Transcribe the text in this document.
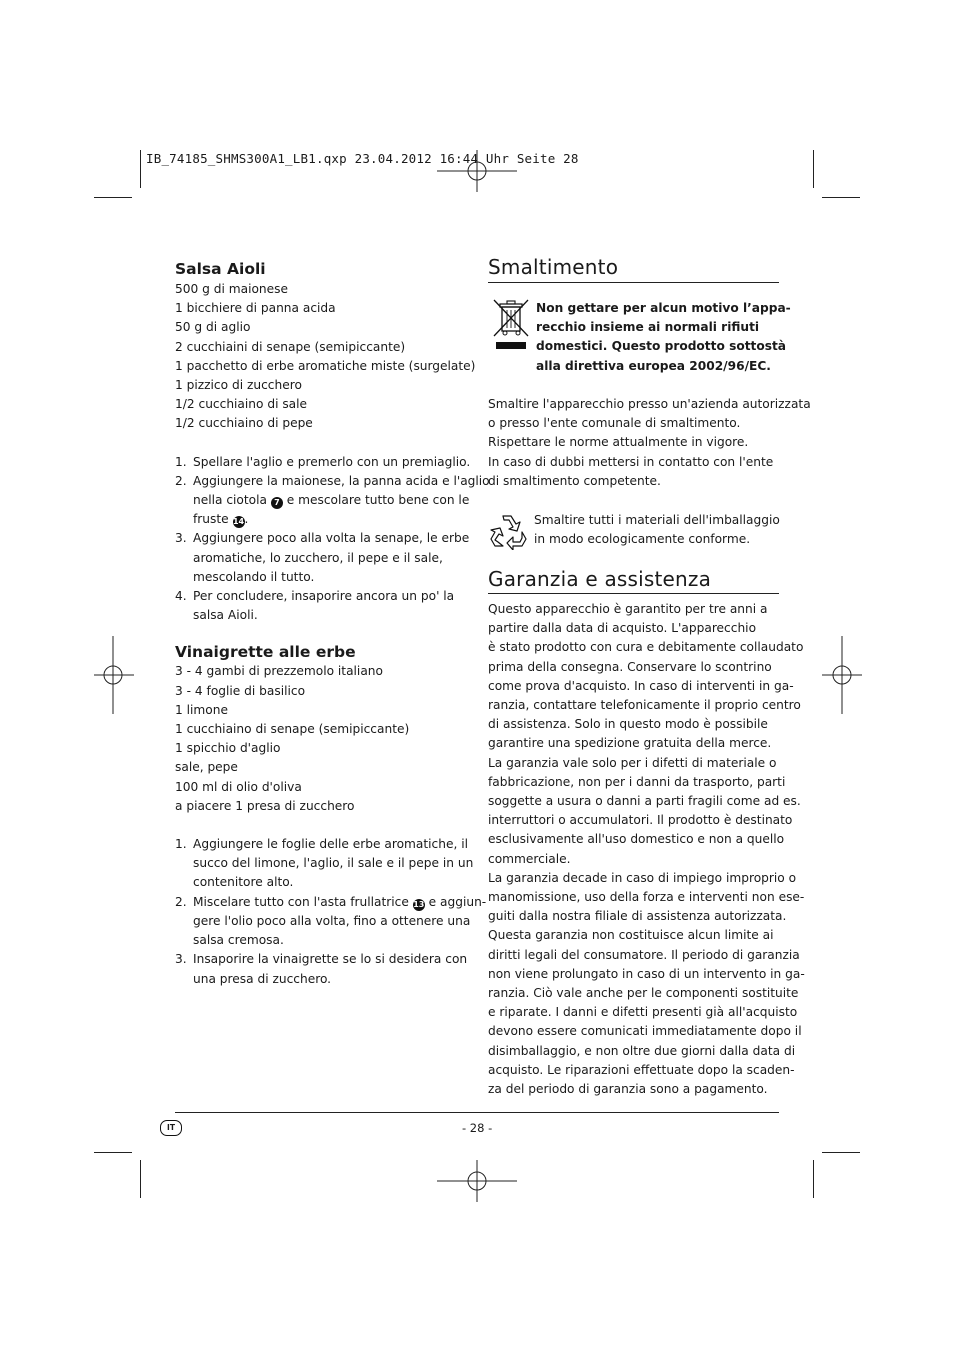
IB_74185_SHMS300A1_LB1.qxp 23.04.2012 16:44 Uhr Seite 28
Salsa Aioli
500 g di maionese
1 bicchiere di panna acida
50 g di aglio
2 cucchiaini di senape (semipiccante)
1 pacchetto di erbe aromatiche miste (surgelate)
1 pizzico di zucchero
1/2 cucchiaino di sale
1/2 cucchiaino di pepe
1. Spellare l'aglio e premerlo con un premiaglio.
2. Aggiungere la maionese, la panna acida e l'aglio
nella ciotola 7 e mescolare tutto bene con le
fruste 14.
3. Aggiungere poco alla volta la senape, le erbe
aromatiche, lo zucchero, il pepe e il sale,
mescolando il tutto.
4. Per concludere, insaporire ancora un po' la
salsa Aioli.
Vinaigrette alle erbe
3 - 4 gambi di prezzemolo italiano
3 - 4 foglie di basilico
1 limone
1 cucchiaino di senape (semipiccante)
1 spicchio d'aglio
sale, pepe
100 ml di olio d'oliva
a piacere 1 presa di zucchero
1. Aggiungere le foglie delle erbe aromatiche, il
succo del limone, l'aglio, il sale e il pepe in un
contenitore alto.
2. Miscelare tutto con l'asta frullatrice 13 e aggiun-
gere l'olio poco alla volta, fino a ottenere una
salsa cremosa.
3. Insaporire la vinaigrette se lo si desidera con
una presa di zucchero.
Smaltimento
Non gettare per alcun motivo l’appa-
recchio insieme ai normali rifiuti
domestici. Questo prodotto sottostà
alla direttiva europea 2002/96/EC.
Smaltire l'apparecchio presso un'azienda autorizzata
o presso l'ente comunale di smaltimento.
Rispettare le norme attualmente in vigore.
In caso di dubbi mettersi in contatto con l'ente
di smaltimento competente.
Smaltire tutti i materiali dell'imballaggio
in modo ecologicamente conforme.
Garanzia e assistenza
Questo apparecchio è garantito per tre anni a
partire dalla data di acquisto. L'apparecchio
è stato prodotto con cura e debitamente collaudato
prima della consegna. Conservare lo scontrino
come prova d'acquisto. In caso di interventi in ga-
ranzia, contattare telefonicamente il proprio centro
di assistenza. Solo in questo modo è possibile
garantire una spedizione gratuita della merce.
La garanzia vale solo per i difetti di materiale o
fabbricazione, non per i danni da trasporto, parti
soggette a usura o danni a parti fragili come ad es.
interruttori o accumulatori. Il prodotto è destinato
esclusivamente all'uso domestico e non a quello
commerciale.
La garanzia decade in caso di impiego improprio o
manomissione, uso della forza e interventi non ese-
guiti dalla nostra filiale di assistenza autorizzata.
Questa garanzia non costituisce alcun limite ai
diritti legali del consumatore. Il periodo di garanzia
non viene prolungato in caso di un intervento in ga-
ranzia. Ciò vale anche per le componenti sostituite
e riparate. I danni e difetti presenti già all'acquisto
devono essere comunicati immediatamente dopo il
disimballaggio, e non oltre due giorni dalla data di
acquisto. Le riparazioni effettuate dopo la scaden-
za del periodo di garanzia sono a pagamento.
IT	- 28 -
